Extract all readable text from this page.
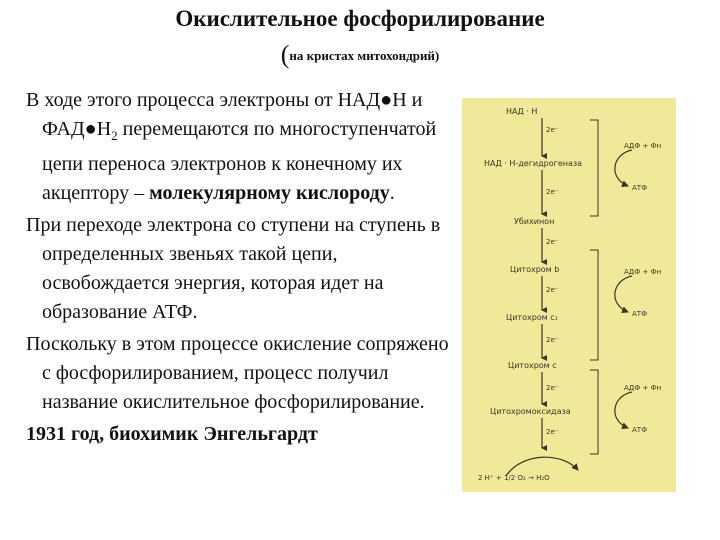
Окислительное фосфорилирование
(на кристах митохондрий)

В ходе этого процесса электроны от НАД●Н и $ФАД●Н_2$ перемещаются по многоступенчатой цепи переноса электронов к конечному их акцептору – молекулярному кислороду.

При переходе электрона со ступени на ступень в определенных звеньях такой цепи, освобождается энергия, которая идет на образование АТФ.

Поскольку в этом процессе окисление сопряжено с фосфорилированием, процесс получил название окислительное фосфорилирование.

1931 год, биохимик Энгельгардт

НАД · Н
НАД · Н-дегидрогеназа
Убихинон
Цитохром b
Цитохром c₁
Цитохром c
Цитохромоксидаза
2e⁻
2e⁻
2e⁻
2e⁻
2e⁻
2e⁻
2e⁻
АДФ + Фн
АТФ
АДФ + Фн
АТФ
АДФ + Фн
АТФ
2 Н⁺ + 1/2 O₂ → H₂O
